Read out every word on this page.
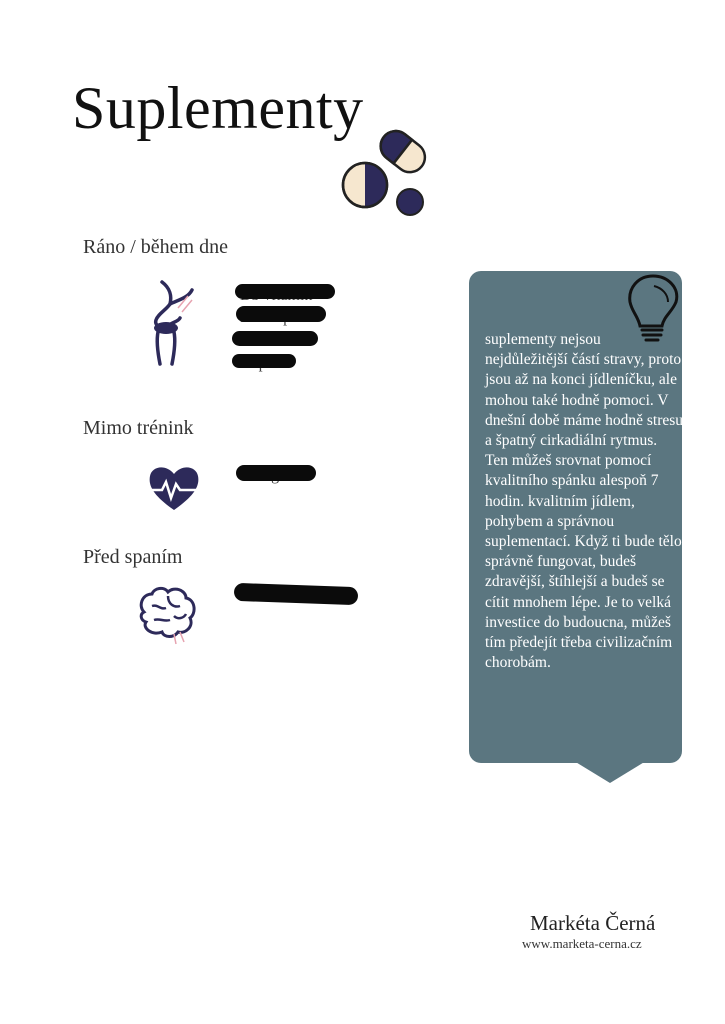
Suplementy
Ráno / během dne
Mimo trénink
Před spaním
suplementy nejsou nejdůležitější částí stravy, proto jsou až na konci jídleníčku, ale mohou také hodně pomoci. V dnešní době máme hodně stresu a špatný cirkadiální rytmus. Ten můžeš srovnat pomocí kvalitního spánku alespoň 7 hodin. kvalitním jídlem, pohybem a správnou suplementací. Když ti bude tělo správně fungovat, budeš zdravější, štíhlejší a budeš se cítit mnohem lépe. Je to velká investice do budoucna, můžeš tím předejít třeba civilizačním chorobám.
Markéta Černá
www.marketa-cerna.cz
